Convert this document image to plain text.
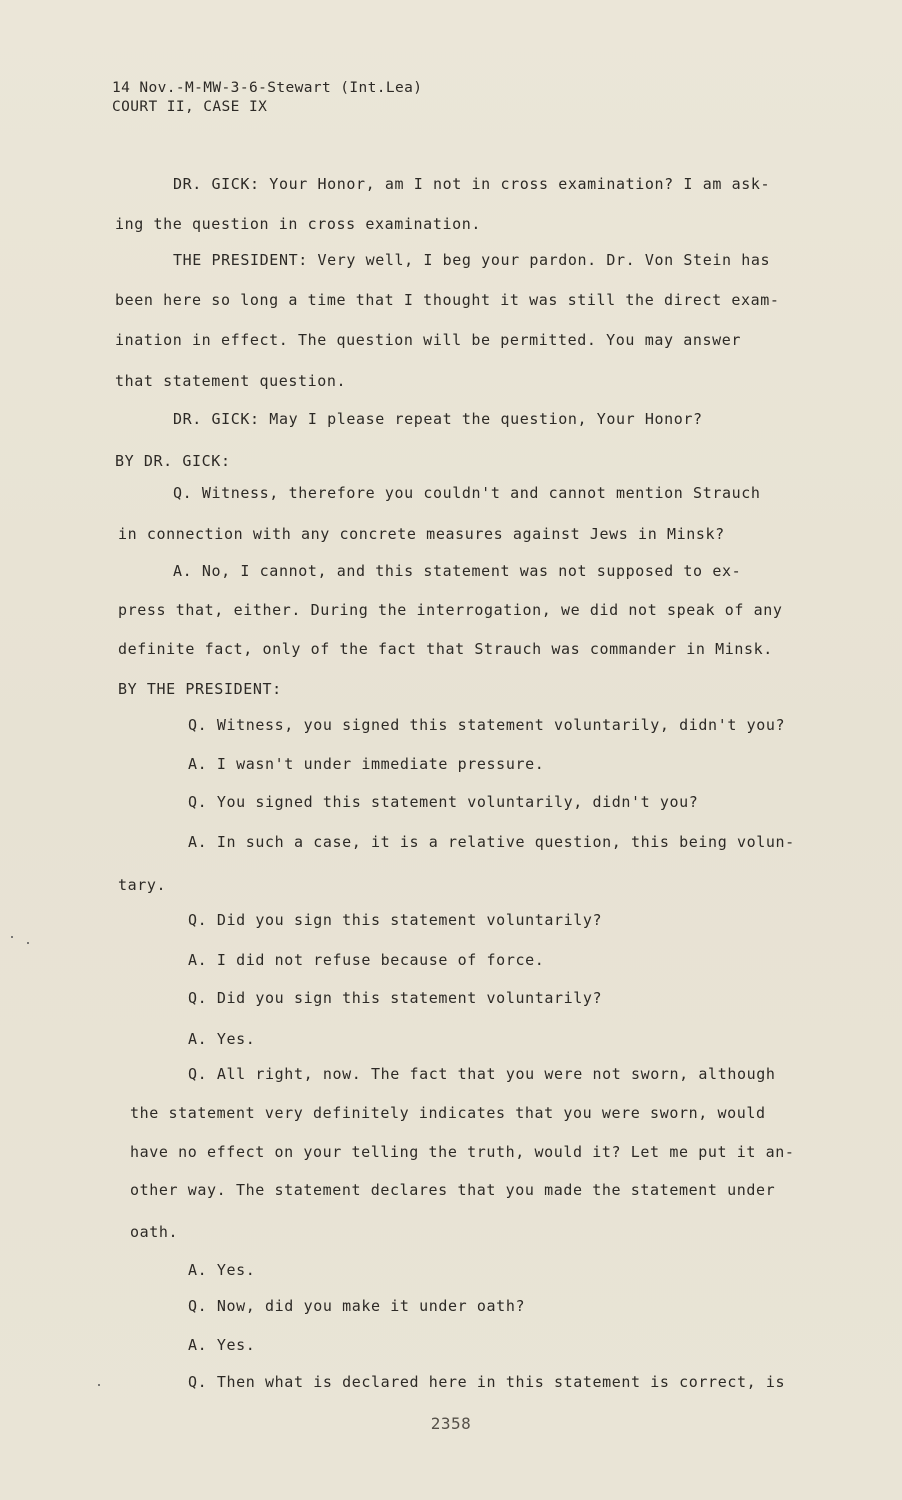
14 Nov.-M-MW-3-6-Stewart (Int.Lea)

COURT II, CASE IX

DR. GICK: Your Honor, am I not in cross examination? I am ask-

ing the question in cross examination.

THE PRESIDENT: Very well, I beg your pardon. Dr. Von Stein has

been here so long a time that I thought it was still the direct exam-

ination in effect. The question will be permitted. You may answer

that statement question.

DR. GICK: May I please repeat the question, Your Honor?

BY DR. GICK:

Q. Witness, therefore you couldn't and cannot mention Strauch

in connection with any concrete measures against Jews in Minsk?

A. No, I cannot, and this statement was not supposed to ex-

press that, either. During the interrogation, we did not speak of any

definite fact, only of the fact that Strauch was commander in Minsk.

BY THE PRESIDENT:

Q. Witness, you signed this statement voluntarily, didn't you?

A. I wasn't under immediate pressure.

Q. You signed this statement voluntarily, didn't you?

A. In such a case, it is a relative question, this being volun-

tary.

Q. Did you sign this statement voluntarily?

A. I did not refuse because of force.

Q. Did you sign this statement voluntarily?

A. Yes.

Q. All right, now. The fact that you were not sworn, although

the statement very definitely indicates that you were sworn, would

have no effect on your telling the truth, would it? Let me put it an-

other way. The statement declares that you made the statement under

oath.

A. Yes.

Q. Now, did you make it under oath?

A. Yes.

Q. Then what is declared here in this statement is correct, is

2358
